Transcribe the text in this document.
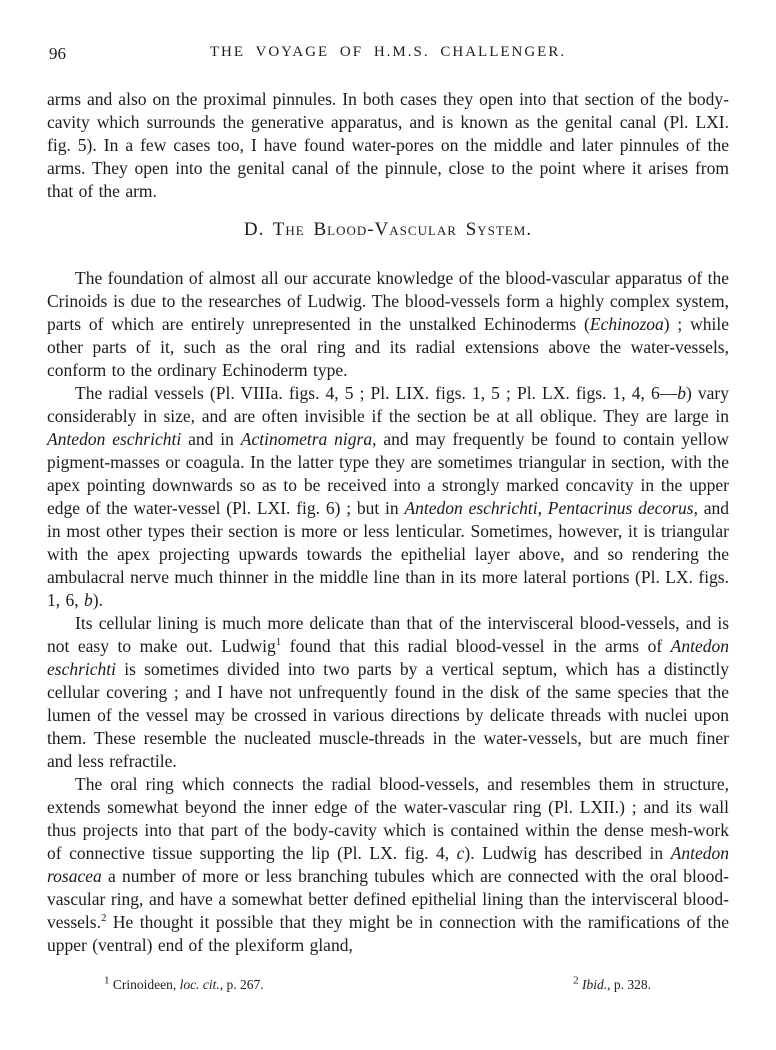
96	THE VOYAGE OF H.M.S. CHALLENGER.

arms and also on the proximal pinnules. In both cases they open into that section of the body-cavity which surrounds the generative apparatus, and is known as the genital canal (Pl. LXI. fig. 5). In a few cases too, I have found water-pores on the middle and later pinnules of the arms. They open into the genital canal of the pinnule, close to the point where it arises from that of the arm.

D. The Blood-Vascular System.

The foundation of almost all our accurate knowledge of the blood-vascular apparatus of the Crinoids is due to the researches of Ludwig. The blood-vessels form a highly complex system, parts of which are entirely unrepresented in the unstalked Echinoderms (Echinozoa) ; while other parts of it, such as the oral ring and its radial extensions above the water-vessels, conform to the ordinary Echinoderm type.

The radial vessels (Pl. VIIIa. figs. 4, 5 ; Pl. LIX. figs. 1, 5 ; Pl. LX. figs. 1, 4, 6—b) vary considerably in size, and are often invisible if the section be at all oblique. They are large in Antedon eschrichti and in Actinometra nigra, and may frequently be found to contain yellow pigment-masses or coagula. In the latter type they are sometimes triangular in section, with the apex pointing downwards so as to be received into a strongly marked concavity in the upper edge of the water-vessel (Pl. LXI. fig. 6) ; but in Antedon eschrichti, Pentacrinus decorus, and in most other types their section is more or less lenticular. Sometimes, however, it is triangular with the apex projecting upwards towards the epithelial layer above, and so rendering the ambulacral nerve much thinner in the middle line than in its more lateral portions (Pl. LX. figs. 1, 6, b).

Its cellular lining is much more delicate than that of the intervisceral blood-vessels, and is not easy to make out. Ludwig$^1$ found that this radial blood-vessel in the arms of Antedon eschrichti is sometimes divided into two parts by a vertical septum, which has a distinctly cellular covering ; and I have not unfrequently found in the disk of the same species that the lumen of the vessel may be crossed in various directions by delicate threads with nuclei upon them. These resemble the nucleated muscle-threads in the water-vessels, but are much finer and less refractile.

The oral ring which connects the radial blood-vessels, and resembles them in structure, extends somewhat beyond the inner edge of the water-vascular ring (Pl. LXII.) ; and its wall thus projects into that part of the body-cavity which is contained within the dense mesh-work of connective tissue supporting the lip (Pl. LX. fig. 4, c). Ludwig has described in Antedon rosacea a number of more or less branching tubules which are connected with the oral blood-vascular ring, and have a somewhat better defined epithelial lining than the intervisceral blood-vessels.$^2$ He thought it possible that they might be in connection with the ramifications of the upper (ventral) end of the plexiform gland,

$^1$ Crinoideen, loc. cit., p. 267.	$^2$ Ibid., p. 328.
